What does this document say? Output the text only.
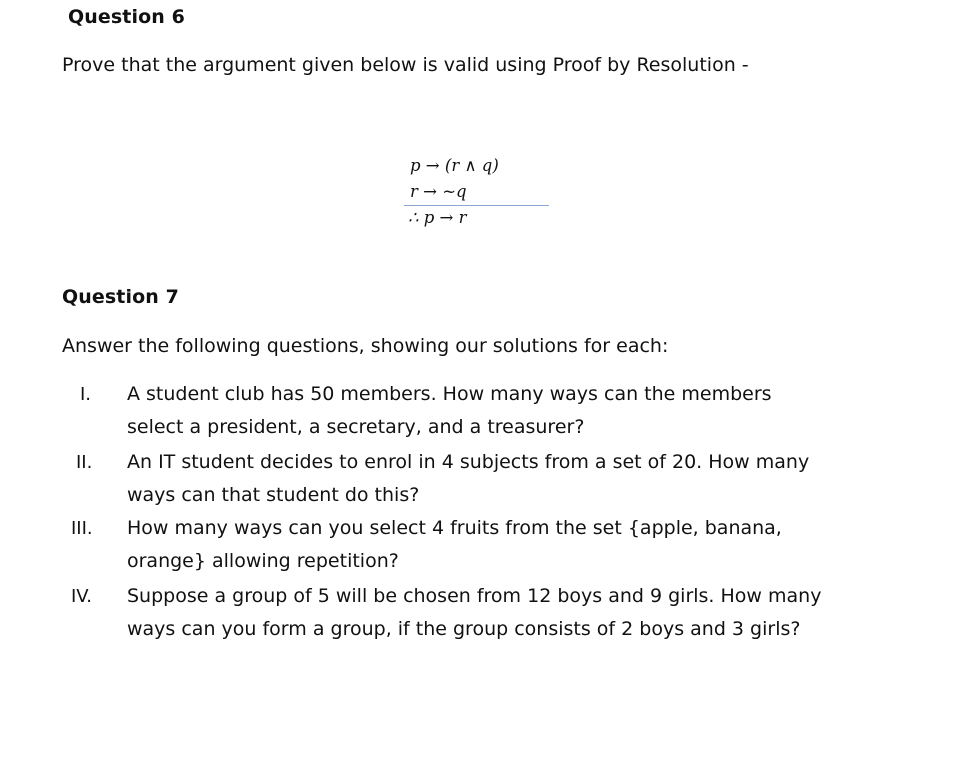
Question 6

Prove that the argument given below is valid using Proof by Resolution -

p → (r ∧ q)
r → ~q
∴ p → r
Question 7

Answer the following questions, showing our solutions for each:

I.	A student club has 50 members. How many ways can the members
select a president, a secretary, and a treasurer?
II.	An IT student decides to enrol in 4 subjects from a set of 20. How many
ways can that student do this?
III.	How many ways can you select 4 fruits from the set {apple, banana,
orange} allowing repetition?
IV.	Suppose a group of 5 will be chosen from 12 boys and 9 girls. How many
ways can you form a group, if the group consists of 2 boys and 3 girls?
